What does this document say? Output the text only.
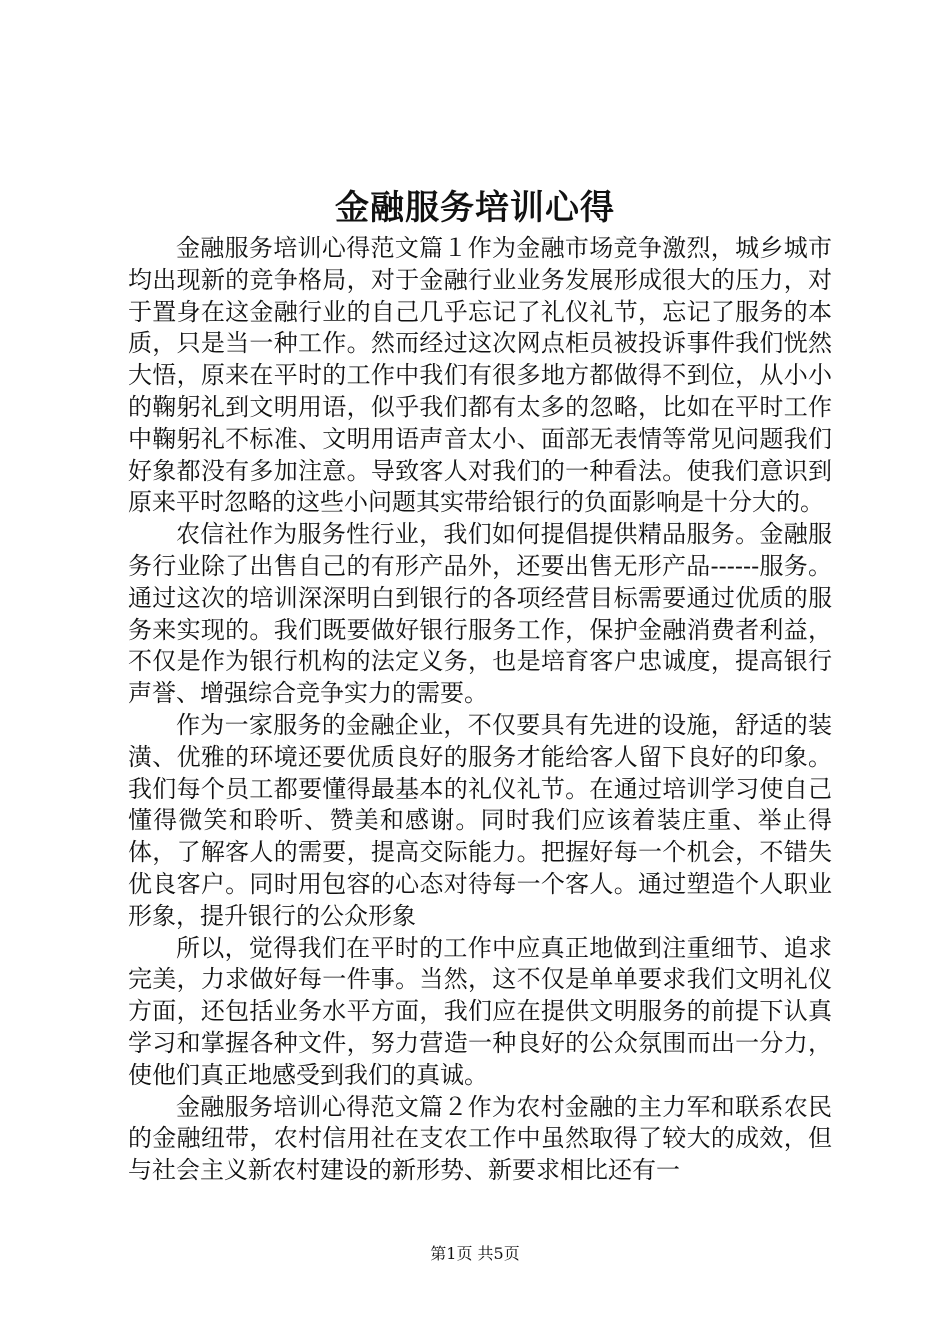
金融服务培训心得

金融服务培训心得范文篇１作为金融市场竞争激烈，城乡城市均出现新的竞争格局，对于金融行业业务发展形成很大的压力，对于置身在这金融行业的自己几乎忘记了礼仪礼节，忘记了服务的本质，只是当一种工作。然而经过这次网点柜员被投诉事件我们恍然大悟，原来在平时的工作中我们有很多地方都做得不到位，从小小的鞠躬礼到文明用语，似乎我们都有太多的忽略，比如在平时工作中鞠躬礼不标准、文明用语声音太小、面部无表情等常见问题我们好象都没有多加注意。导致客人对我们的一种看法。使我们意识到原来平时忽略的这些小问题其实带给银行的负面影响是十分大的。

农信社作为服务性行业，我们如何提倡提供精品服务。金融服务行业除了出售自己的有形产品外，还要出售无形产品------服务。通过这次的培训深深明白到银行的各项经营目标需要通过优质的服务来实现的。我们既要做好银行服务工作，保护金融消费者利益，不仅是作为银行机构的法定义务，也是培育客户忠诚度，提高银行声誉、增强综合竞争实力的需要。

作为一家服务的金融企业，不仅要具有先进的设施，舒适的装潢、优雅的环境还要优质良好的服务才能给客人留下良好的印象。我们每个员工都要懂得最基本的礼仪礼节。在通过培训学习使自己懂得微笑和聆听、赞美和感谢。同时我们应该着装庄重、举止得体，了解客人的需要，提高交际能力。把握好每一个机会，不错失优良客户。同时用包容的心态对待每一个客人。通过塑造个人职业形象，提升银行的公众形象

所以，觉得我们在平时的工作中应真正地做到注重细节、追求完美，力求做好每一件事。当然，这不仅是单单要求我们文明礼仪方面，还包括业务水平方面，我们应在提供文明服务的前提下认真学习和掌握各种文件，努力营造一种良好的公众氛围而出一分力，使他们真正地感受到我们的真诚。

金融服务培训心得范文篇２作为农村金融的主力军和联系农民的金融纽带，农村信用社在支农工作中虽然取得了较大的成效，但与社会主义新农村建设的新形势、新要求相比还有一

第1页 共5页
